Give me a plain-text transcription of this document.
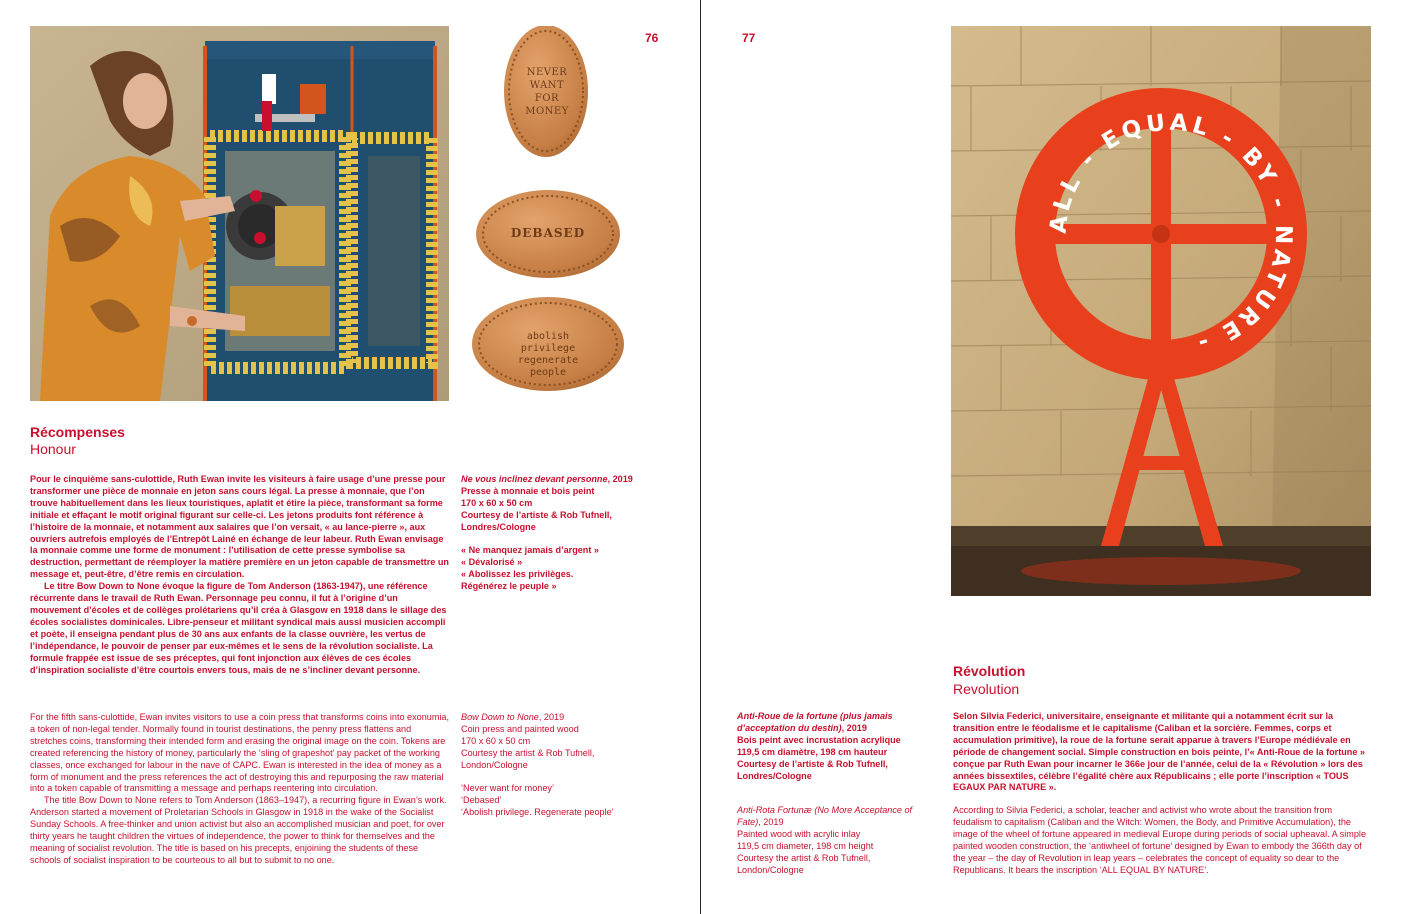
76	77
NEVER WANT FOR MONEY
DEBASED
abolish privilege regenerate people
Récompenses
Honour

Pour le cinquième sans-culottide, Ruth Ewan invite les visiteurs à faire usage d’une presse pour transformer une pièce de monnaie en jeton sans cours légal. La presse à monnaie, que l’on trouve habituellement dans les lieux touristiques, aplatit et étire la pièce, transformant sa forme initiale et effaçant le motif original figurant sur celle-ci. Les jetons produits font référence à l’histoire de la monnaie, et notamment aux salaires que l’on versait, « au lance-pierre », aux ouvriers autrefois employés de l’Entrepôt Lainé en échange de leur labeur. Ruth Ewan envisage la monnaie comme une forme de monument : l’utilisation de cette presse symbolise sa destruction, permettant de réemployer la matière première en un jeton capable de transmettre un message et, peut-être, d’être remis en circulation.

Le titre Bow Down to None évoque la figure de Tom Anderson (1863-1947), une référence récurrente dans le travail de Ruth Ewan. Personnage peu connu, il fut à l’origine d’un mouvement d’écoles et de collèges prolétariens qu’il créa à Glasgow en 1918 dans le sillage des écoles socialistes dominicales. Libre-penseur et militant syndical mais aussi musicien accompli et poète, il enseigna pendant plus de 30 ans aux enfants de la classe ouvrière, les vertus de l’indépendance, le pouvoir de penser par eux-mêmes et le sens de la révolution socialiste. La formule frappée est issue de ses préceptes, qui font injonction aux élèves de ces écoles d’inspiration socialiste d’être courtois envers tous, mais de ne s’incliner devant personne.

For the fifth sans-culottide, Ewan invites visitors to use a coin press that transforms coins into exonumia, a token of non-legal tender. Normally found in tourist destinations, the penny press flattens and stretches coins, transforming their intended form and erasing the original image on the coin. Tokens are created referencing the history of money, particularly the ‘sling of grapeshot’ pay packet of the working classes, once exchanged for labour in the nave of CAPC. Ewan is interested in the idea of money as a form of monument and the press references the act of destroying this and repurposing the raw material into a token capable of transmitting a message and perhaps reentering into circulation.

The title Bow Down to None refers to Tom Anderson (1863–1947), a recurring figure in Ewan’s work. Anderson started a movement of Proletarian Schools in Glasgow in 1918 in the wake of the Socialist Sunday Schools. A free-thinker and union activist but also an accomplished musician and poet, for over thirty years he taught children the virtues of independence, the power to think for themselves and the meaning of socialist revolution. The title is based on his precepts, enjoining the students of these schools of socialist inspiration to be courteous to all but to submit to no one.

Ne vous inclinez devant personne, 2019
Presse à monnaie et bois peint
170 x 60 x 50 cm
Courtesy de l’artiste & Rob Tufnell,
Londres/Cologne
« Ne manquez jamais d’argent »
« Dévalorisé »
« Abolissez les privilèges.
Régénérez le peuple »
Bow Down to None, 2019
Coin press and painted wood
170 x 60 x 50 cm
Courtesy the artist & Rob Tufnell,
London/Cologne
‘Never want for money’
‘Debased’
‘Abolish privilege. Regenerate people’
ALL - EQUAL - BY - NATURE -
Révolution
Revolution
Anti-Roue de la fortune (plus jamais d’acceptation du destin), 2019
Bois peint avec incrustation acrylique
119,5 cm diamètre, 198 cm hauteur
Courtesy de l’artiste & Rob Tufnell,
Londres/Cologne
Anti-Rota Fortunæ (No More Acceptance of Fate), 2019
Painted wood with acrylic inlay
119,5 cm diameter, 198 cm height
Courtesy the artist & Rob Tufnell,
London/Cologne

Selon Silvia Federici, universitaire, enseignante et militante qui a notamment écrit sur la transition entre le féodalisme et le capitalisme (Caliban et la sorcière. Femmes, corps et accumulation primitive), la roue de la fortune serait apparue à travers l’Europe médiévale en période de changement social. Simple construction en bois peinte, l’« Anti-Roue de la fortune » conçue par Ruth Ewan pour incarner le 366e jour de l’année, celui de la « Révolution » lors des années bissextiles, célèbre l’égalité chère aux Républicains ; elle porte l’inscription « TOUS EGAUX PAR NATURE ».

According to Silvia Federici, a scholar, teacher and activist who wrote about the transition from feudalism to capitalism (Caliban and the Witch: Women, the Body, and Primitive Accumulation), the image of the wheel of fortune appeared in medieval Europe during periods of social upheaval. A simple painted wooden construction, the ‘antiwheel of fortune’ designed by Ewan to embody the 366th day of the year – the day of Revolution in leap years – celebrates the concept of equality so dear to the Republicans. It bears the inscription ‘ALL EQUAL BY NATURE’.
